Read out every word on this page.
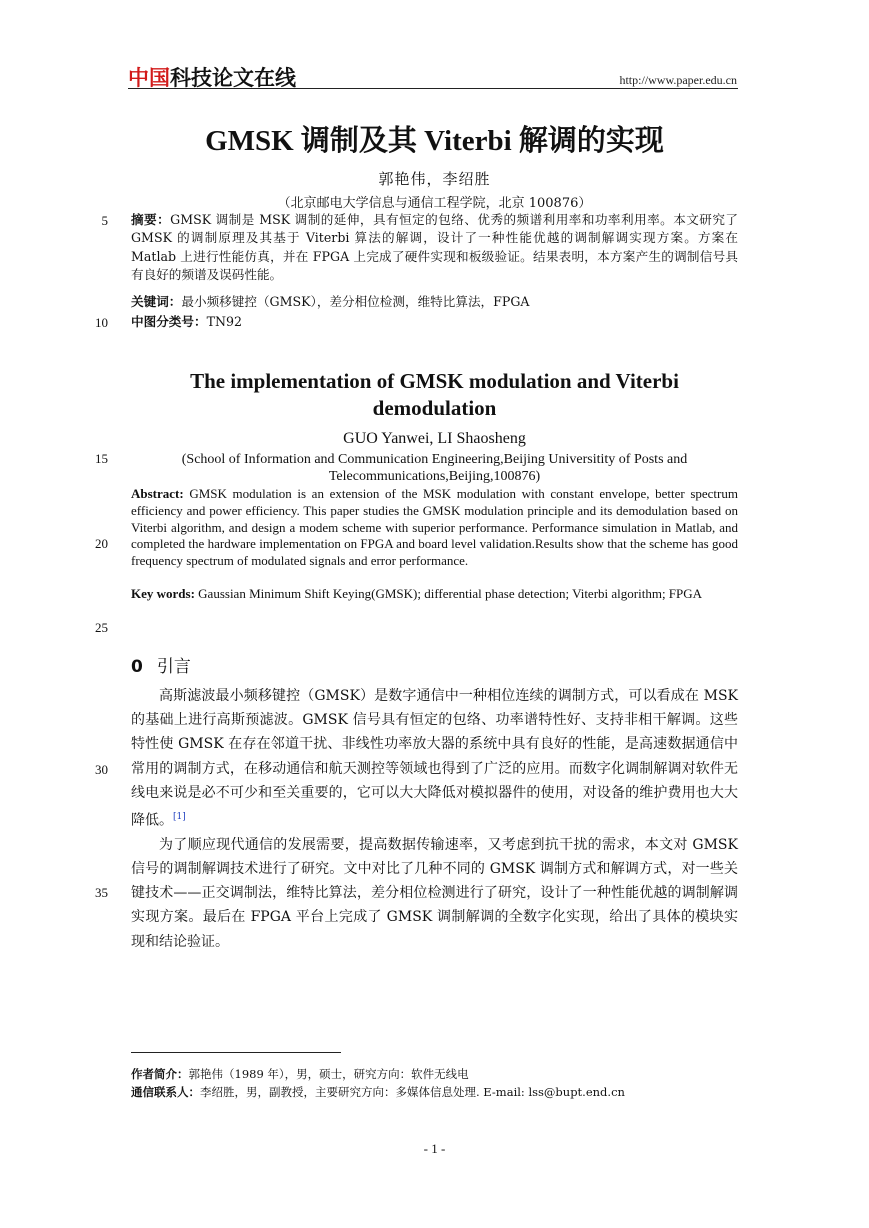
中国科技论文在线	http://www.paper.edu.cn
GMSK 调制及其 Viterbi 解调的实现
郭艳伟，李绍胜
（北京邮电大学信息与通信工程学院，北京 100876）
5
10
15
20
25
30
35
摘要：GMSK 调制是 MSK 调制的延伸，具有恒定的包络、优秀的频谱利用率和功率利用率。本文研究了 GMSK 的调制原理及其基于 Viterbi 算法的解调，设计了一种性能优越的调制解调实现方案。方案在 Matlab 上进行性能仿真，并在 FPGA 上完成了硬件实现和板级验证。结果表明，本方案产生的调制信号具有良好的频谱及误码性能。
关键词：最小频移键控（GMSK），差分相位检测，维特比算法，FPGA
中图分类号：TN92
The implementation of GMSK modulation and Viterbi
demodulation
GUO Yanwei, LI Shaosheng
(School of Information and Communication Engineering,Beijing Universitity of Posts and
Telecommunications,Beijing,100876)
Abstract: GMSK modulation is an extension of the MSK modulation with constant envelope, better spectrum efficiency and power efficiency. This paper studies the GMSK modulation principle and its demodulation based on Viterbi algorithm, and design a modem scheme with superior performance. Performance simulation in Matlab, and completed the hardware implementation on FPGA and board level validation.Results show that the scheme has good frequency spectrum of modulated signals and error performance.
Key words: Gaussian Minimum Shift Keying(GMSK); differential phase detection; Viterbi algorithm; FPGA
0 引言

高斯滤波最小频移键控（GMSK）是数字通信中一种相位连续的调制方式，可以看成在 MSK 的基础上进行高斯预滤波。GMSK 信号具有恒定的包络、功率谱特性好、支持非相干解调。这些特性使 GMSK 在存在邻道干扰、非线性功率放大器的系统中具有良好的性能，是高速数据通信中常用的调制方式，在移动通信和航天测控等领域也得到了广泛的应用。而数字化调制解调对软件无线电来说是必不可少和至关重要的，它可以大大降低对模拟器件的使用，对设备的维护费用也大大降低。[1]

为了顺应现代通信的发展需要，提高数据传输速率，又考虑到抗干扰的需求，本文对 GMSK 信号的调制解调技术进行了研究。文中对比了几种不同的 GMSK 调制方式和解调方式，对一些关键技术——正交调制法，维特比算法，差分相位检测进行了研究，设计了一种性能优越的调制解调实现方案。最后在 FPGA 平台上完成了 GMSK 调制解调的全数字化实现，给出了具体的模块实现和结论验证。

作者简介：郭艳伟（1989 年），男，硕士，研究方向：软件无线电
通信联系人：李绍胜，男，副教授，主要研究方向：多媒体信息处理. E-mail: lss@bupt.end.cn
- 1 -
